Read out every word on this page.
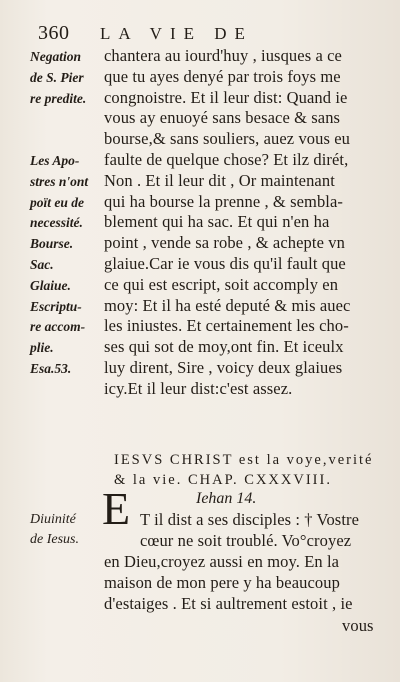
360 LA VIE DE
Negation	chantera au iourd'huy , iusques a ce
de S. Pier	que tu ayes denyé par trois foys me
re predite.	congnoistre. Et il leur dist: Quand ie
vous ay enuoyé sans besace & sans
bourse,& sans souliers, auez vous eu
Les Apo-	faulte de quelque chose? Et ilz dirét,
stres n'ont Non . Et il leur dit , Or maintenant
poït eu de	qui ha bourse la prenne , & sembla-
necessité.	blement qui ha sac. Et qui n'en ha
Bourse.	point , vende sa robe , & achepte vn
Sac.	glaiue.Car ie vous dis qu'il fault que
Glaiue.	ce qui est escript, soit accomply en
Escriptu-	moy: Et il ha esté deputé & mis auec
re accom-	les iniustes. Et certainement les cho-
plie.	ses qui sot de moy,ont fin. Et iceulx
Esa.53.	luy dirent, Sire , voicy deux glaiues
icy.Et il leur dist:c'est assez.
IESVS CHRIST est la voye,verité
& la vie. CHAP. CXXXVIII.
Iehan 14.
E
Diuinité
de Iesus.
T il dist a ses disciples : † Vostre
cœur ne soit troublé. Vo°croyez
en Dieu,croyez aussi en moy. En la
maison de mon pere y ha beaucoup
d'estaiges . Et si aultrement estoit , ie
vous
